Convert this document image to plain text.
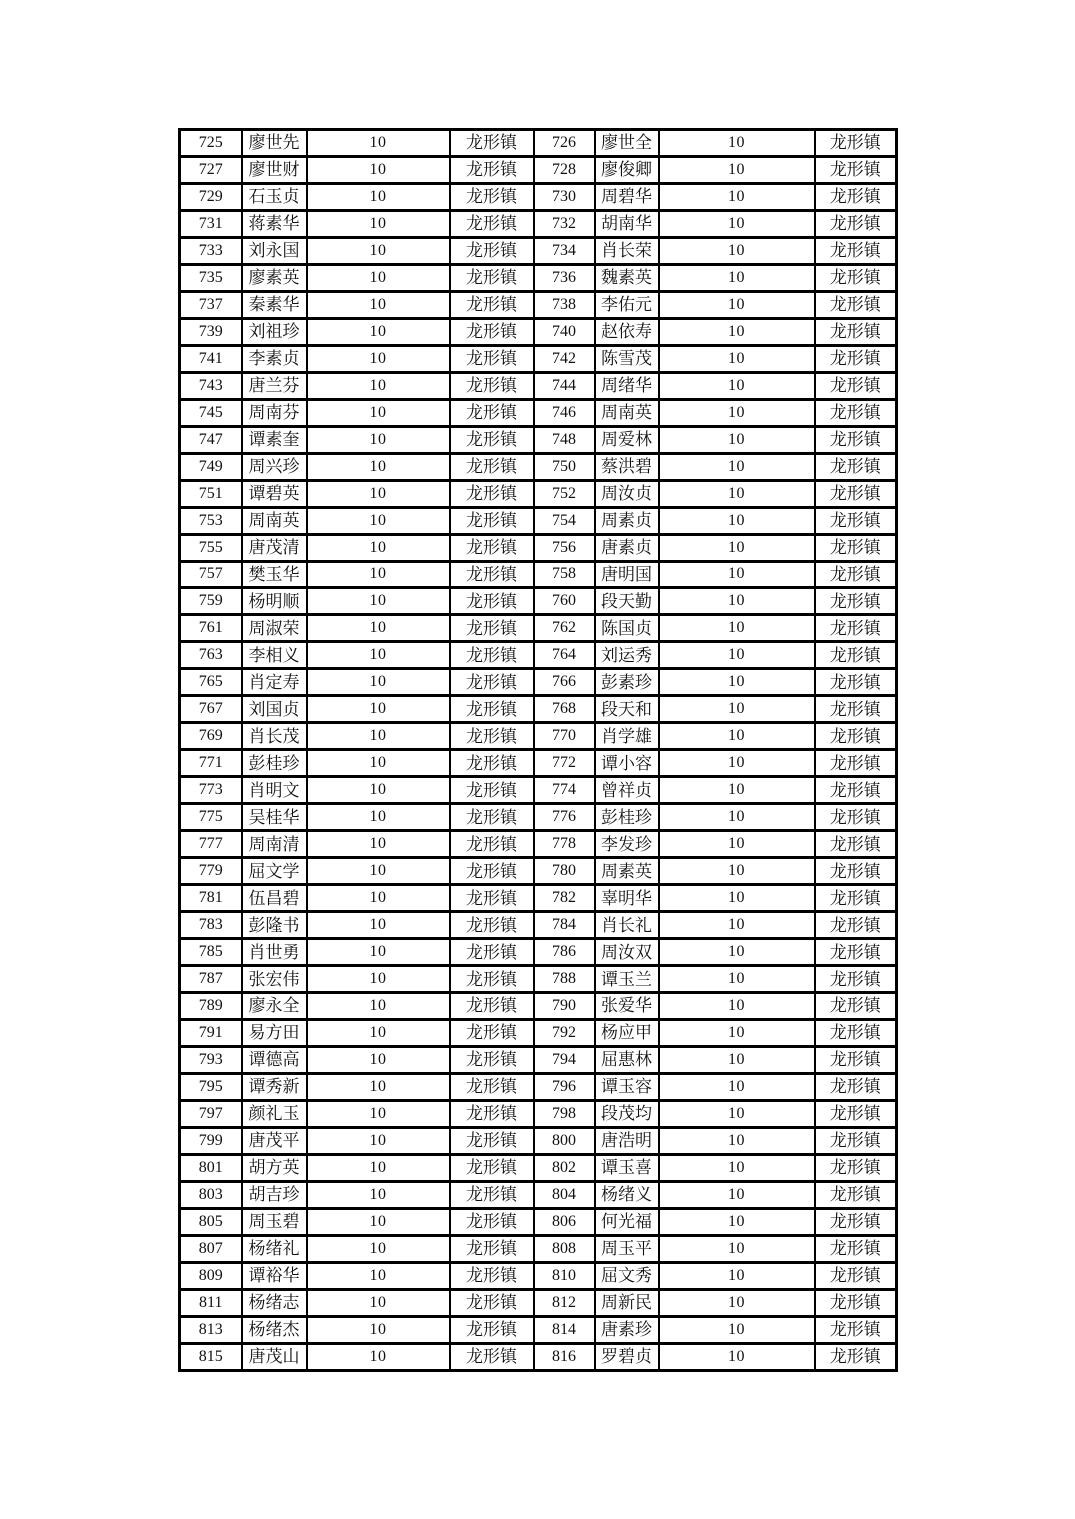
725	廖世先	10	龙形镇	726	廖世全	10	龙形镇
727	廖世财	10	龙形镇	728	廖俊卿	10	龙形镇
729	石玉贞	10	龙形镇	730	周碧华	10	龙形镇
731	蒋素华	10	龙形镇	732	胡南华	10	龙形镇
733	刘永国	10	龙形镇	734	肖长荣	10	龙形镇
735	廖素英	10	龙形镇	736	魏素英	10	龙形镇
737	秦素华	10	龙形镇	738	李佑元	10	龙形镇
739	刘祖珍	10	龙形镇	740	赵依寿	10	龙形镇
741	李素贞	10	龙形镇	742	陈雪茂	10	龙形镇
743	唐兰芬	10	龙形镇	744	周绪华	10	龙形镇
745	周南芬	10	龙形镇	746	周南英	10	龙形镇
747	谭素奎	10	龙形镇	748	周爱林	10	龙形镇
749	周兴珍	10	龙形镇	750	蔡洪碧	10	龙形镇
751	谭碧英	10	龙形镇	752	周汝贞	10	龙形镇
753	周南英	10	龙形镇	754	周素贞	10	龙形镇
755	唐茂清	10	龙形镇	756	唐素贞	10	龙形镇
757	樊玉华	10	龙形镇	758	唐明国	10	龙形镇
759	杨明顺	10	龙形镇	760	段天勤	10	龙形镇
761	周淑荣	10	龙形镇	762	陈国贞	10	龙形镇
763	李相义	10	龙形镇	764	刘运秀	10	龙形镇
765	肖定寿	10	龙形镇	766	彭素珍	10	龙形镇
767	刘国贞	10	龙形镇	768	段天和	10	龙形镇
769	肖长茂	10	龙形镇	770	肖学雄	10	龙形镇
771	彭桂珍	10	龙形镇	772	谭小容	10	龙形镇
773	肖明文	10	龙形镇	774	曾祥贞	10	龙形镇
775	吴桂华	10	龙形镇	776	彭桂珍	10	龙形镇
777	周南清	10	龙形镇	778	李发珍	10	龙形镇
779	屈文学	10	龙形镇	780	周素英	10	龙形镇
781	伍昌碧	10	龙形镇	782	辜明华	10	龙形镇
783	彭隆书	10	龙形镇	784	肖长礼	10	龙形镇
785	肖世勇	10	龙形镇	786	周汝双	10	龙形镇
787	张宏伟	10	龙形镇	788	谭玉兰	10	龙形镇
789	廖永全	10	龙形镇	790	张爱华	10	龙形镇
791	易方田	10	龙形镇	792	杨应甲	10	龙形镇
793	谭德高	10	龙形镇	794	屈惠林	10	龙形镇
795	谭秀新	10	龙形镇	796	谭玉容	10	龙形镇
797	颜礼玉	10	龙形镇	798	段茂均	10	龙形镇
799	唐茂平	10	龙形镇	800	唐浩明	10	龙形镇
801	胡方英	10	龙形镇	802	谭玉喜	10	龙形镇
803	胡吉珍	10	龙形镇	804	杨绪义	10	龙形镇
805	周玉碧	10	龙形镇	806	何光福	10	龙形镇
807	杨绪礼	10	龙形镇	808	周玉平	10	龙形镇
809	谭裕华	10	龙形镇	810	屈文秀	10	龙形镇
811	杨绪志	10	龙形镇	812	周新民	10	龙形镇
813	杨绪杰	10	龙形镇	814	唐素珍	10	龙形镇
815	唐茂山	10	龙形镇	816	罗碧贞	10	龙形镇
